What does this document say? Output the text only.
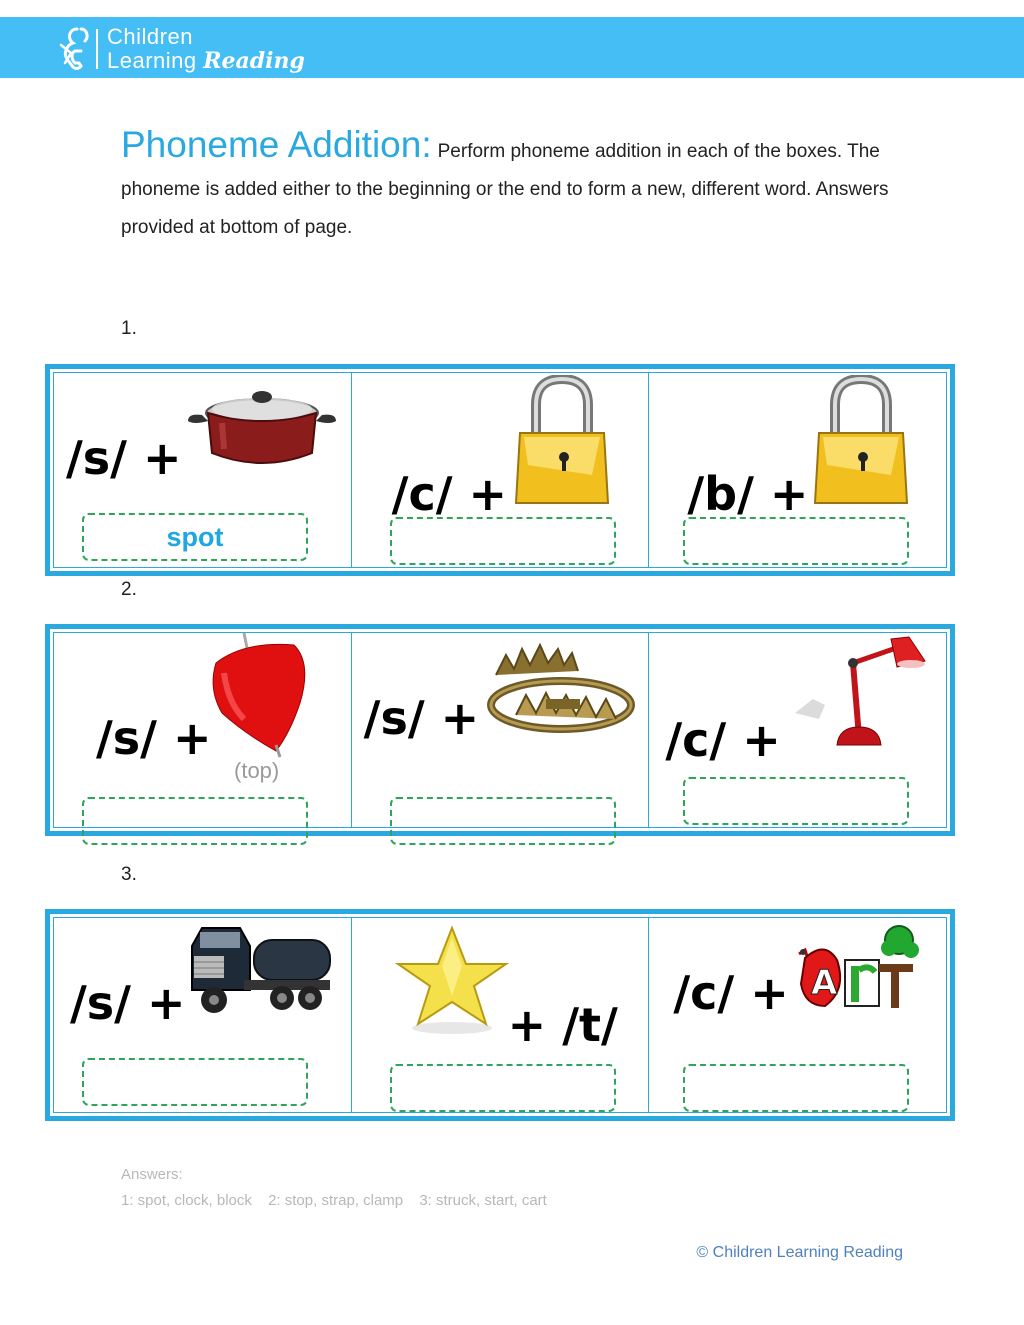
Children
Learning Reading
Phoneme Addition: Perform phoneme addition in each of the boxes. The phoneme is added either to the beginning or the end to form a new, different word. Answers provided at bottom of page.
1.
/s/ +
spot
/c/ +	/b/ +
2.
/s/ +
(top)
/s/ +	/c/ +
3.
/s/ +	+ /t/
/c/ + A
Answers:
1: spot, clock, block 2: stop, strap, clamp 3: struck, start, cart
© Children Learning Reading
